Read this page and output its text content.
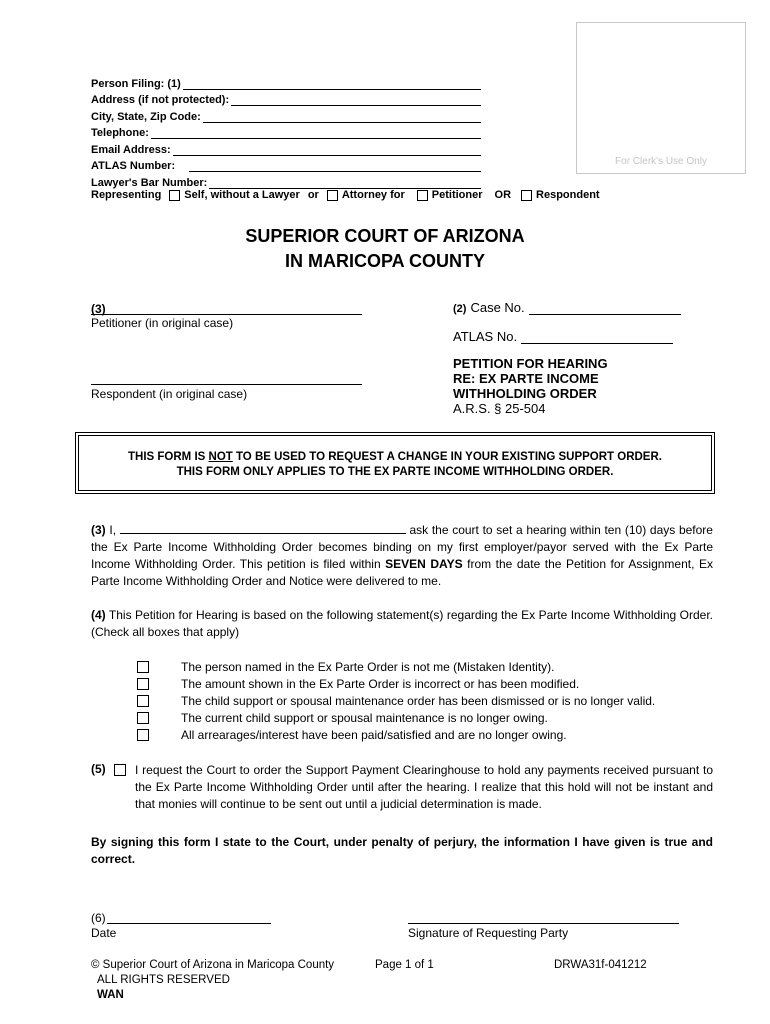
For Clerk's Use Only
Person Filing: (1)
Address (if not protected):
City, State, Zip Code:
Telephone:
Email Address:
ATLAS Number:
Lawyer's Bar Number:
Representing Self, without a Lawyer or Attorney for Petitioner OR Respondent
SUPERIOR COURT OF ARIZONA
IN MARICOPA COUNTY
(3)
Petitioner (in original case)
Respondent (in original case)
(2) Case No.
ATLAS No.
PETITION FOR HEARING
RE: EX PARTE INCOME
WITHHOLDING ORDER
A.R.S. § 25-504
THIS FORM IS NOT TO BE USED TO REQUEST A CHANGE IN YOUR EXISTING SUPPORT ORDER.
THIS FORM ONLY APPLIES TO THE EX PARTE INCOME WITHHOLDING ORDER.
(3) I,	ask the court to set a hearing within ten (10) days before the Ex Parte Income Withholding Order becomes binding on my first employer/payor served with the Ex Parte Income Withholding Order. This petition is filed within SEVEN DAYS from the date the Petition for Assignment, Ex Parte Income Withholding Order and Notice were delivered to me.
(4) This Petition for Hearing is based on the following statement(s) regarding the Ex Parte Income Withholding Order. (Check all boxes that apply)
The person named in the Ex Parte Order is not me (Mistaken Identity).
The amount shown in the Ex Parte Order is incorrect or has been modified.
The child support or spousal maintenance order has been dismissed or is no longer valid.
The current child support or spousal maintenance is no longer owing.
All arrearages/interest have been paid/satisfied and are no longer owing.
(5) I request the Court to order the Support Payment Clearinghouse to hold any payments received pursuant to the Ex Parte Income Withholding Order until after the hearing. I realize that this hold will not be instant and that monies will continue to be sent out until a judicial determination is made.
By signing this form I state to the Court, under penalty of perjury, the information I have given is true and correct.
(6)
Date	Signature of Requesting Party
© Superior Court of Arizona in Maricopa County
ALL RIGHTS RESERVED
WAN
Page 1 of 1	DRWA31f-041212
